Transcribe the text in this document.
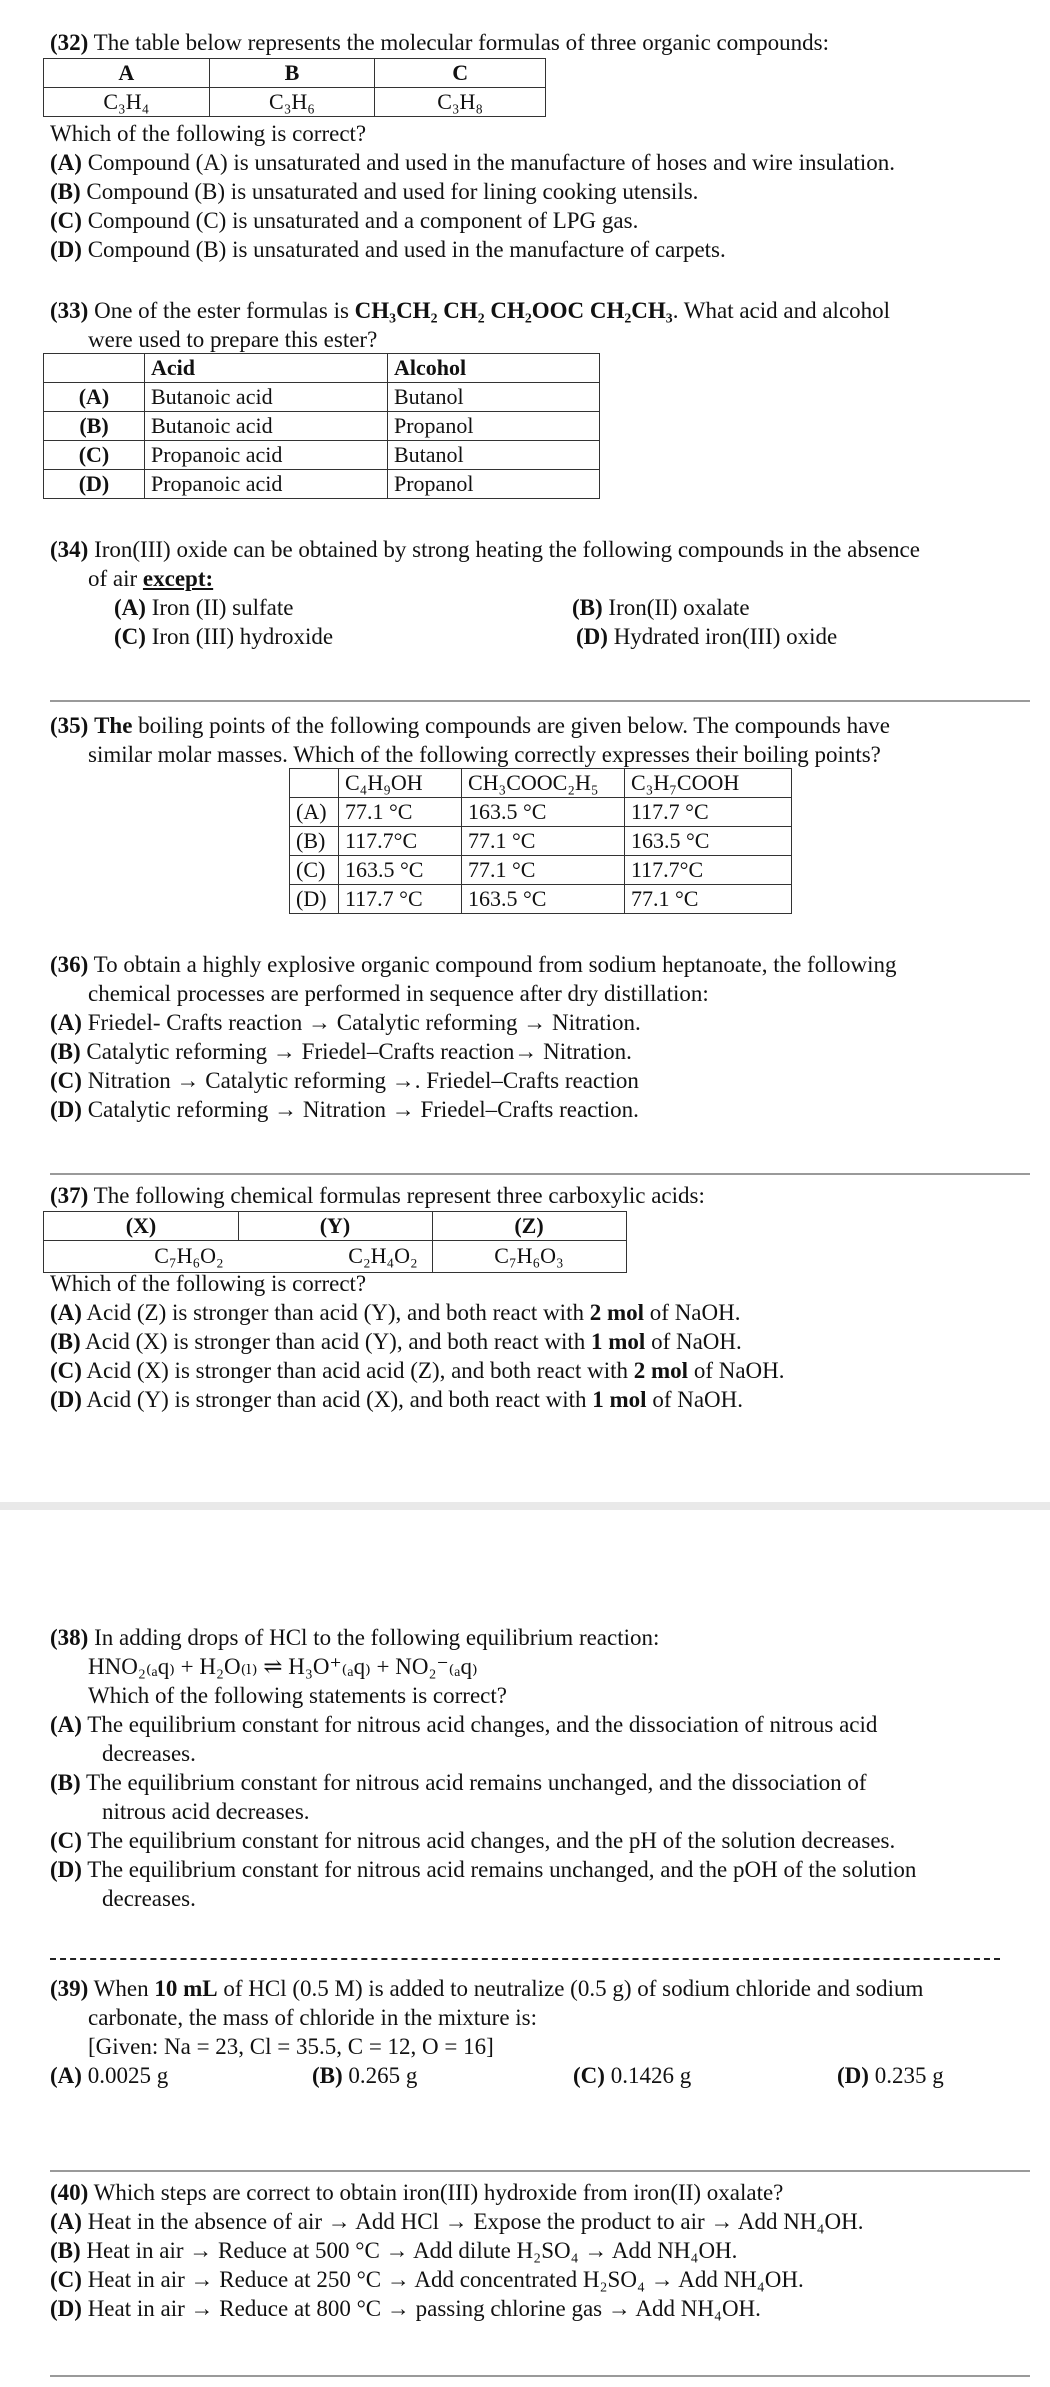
(32) The table below represents the molecular formulas of three organic compounds:
A	B	C
C₃H₄	C₃H₆	C₃H₈
Which of the following is correct?
(A) Compound (A) is unsaturated and used in the manufacture of hoses and wire insulation.
(B) Compound (B) is unsaturated and used for lining cooking utensils.
(C) Compound (C) is unsaturated and a component of LPG gas.
(D) Compound (B) is unsaturated and used in the manufacture of carpets.
(33) One of the ester formulas is CH₃CH₂ CH₂ CH₂OOC CH₂CH₃. What acid and alcohol
were used to prepare this ester?
	Acid	Alcohol
(A)	Butanoic acid	Butanol
(B)	Butanoic acid	Propanol
(C)	Propanoic acid	Butanol
(D)	Propanoic acid	Propanol
(34) Iron(III) oxide can be obtained by strong heating the following compounds in the absence
of air except:
(A) Iron (II) sulfate	(B) Iron(II) oxalate
(C) Iron (III) hydroxide	(D) Hydrated iron(III) oxide
(35) The boiling points of the following compounds are given below. The compounds have
similar molar masses. Which of the following correctly expresses their boiling points?
	C₄H₉OH	CH₃COOC₂H₅	C₃H₇COOH
(A)	77.1 °C	163.5 °C	117.7 °C
(B)	117.7°C	77.1 °C	163.5 °C
(C)	163.5 °C	77.1 °C	117.7°C
(D)	117.7 °C	163.5 °C	77.1 °C
(36) To obtain a highly explosive organic compound from sodium heptanoate, the following
chemical processes are performed in sequence after dry distillation:
(A) Friedel- Crafts reaction → Catalytic reforming → Nitration.
(B) Catalytic reforming → Friedel–Crafts reaction→ Nitration.
(C) Nitration → Catalytic reforming →. Friedel–Crafts reaction
(D) Catalytic reforming → Nitration → Friedel–Crafts reaction.
(37) The following chemical formulas represent three carboxylic acids:
(X)	(Y)	(Z)
C₇H₆O₂	C₂H₄O₂	C₇H₆O₃
Which of the following is correct?
(A) Acid (Z) is stronger than acid (Y), and both react with 2 mol of NaOH.
(B) Acid (X) is stronger than acid (Y), and both react with 1 mol of NaOH.
(C) Acid (X) is stronger than acid acid (Z), and both react with 2 mol of NaOH.
(D) Acid (Y) is stronger than acid (X), and both react with 1 mol of NaOH.
(38) In adding drops of HCl to the following equilibrium reaction:
HNO₂₍ₐq₎ + H₂O₍ₗ₎ ⇌ H₃O⁺₍ₐq₎ + NO₂⁻₍ₐq₎
Which of the following statements is correct?
(A) The equilibrium constant for nitrous acid changes, and the dissociation of nitrous acid
decreases.
(B) The equilibrium constant for nitrous acid remains unchanged, and the dissociation of
nitrous acid decreases.
(C) The equilibrium constant for nitrous acid changes, and the pH of the solution decreases.
(D) The equilibrium constant for nitrous acid remains unchanged, and the pOH of the solution
decreases.
(39) When 10 mL of HCl (0.5 M) is added to neutralize (0.5 g) of sodium chloride and sodium
carbonate, the mass of chloride in the mixture is:
[Given: Na = 23, Cl = 35.5, C = 12, O = 16]
(A) 0.0025 g	(B) 0.265 g	(C) 0.1426 g	(D) 0.235 g
(40) Which steps are correct to obtain iron(III) hydroxide from iron(II) oxalate?
(A) Heat in the absence of air → Add HCl → Expose the product to air → Add NH₄OH.
(B) Heat in air → Reduce at 500 °C → Add dilute H₂SO₄ → Add NH₄OH.
(C) Heat in air → Reduce at 250 °C → Add concentrated H₂SO₄ → Add NH₄OH.
(D) Heat in air → Reduce at 800 °C → passing chlorine gas → Add NH₄OH.
